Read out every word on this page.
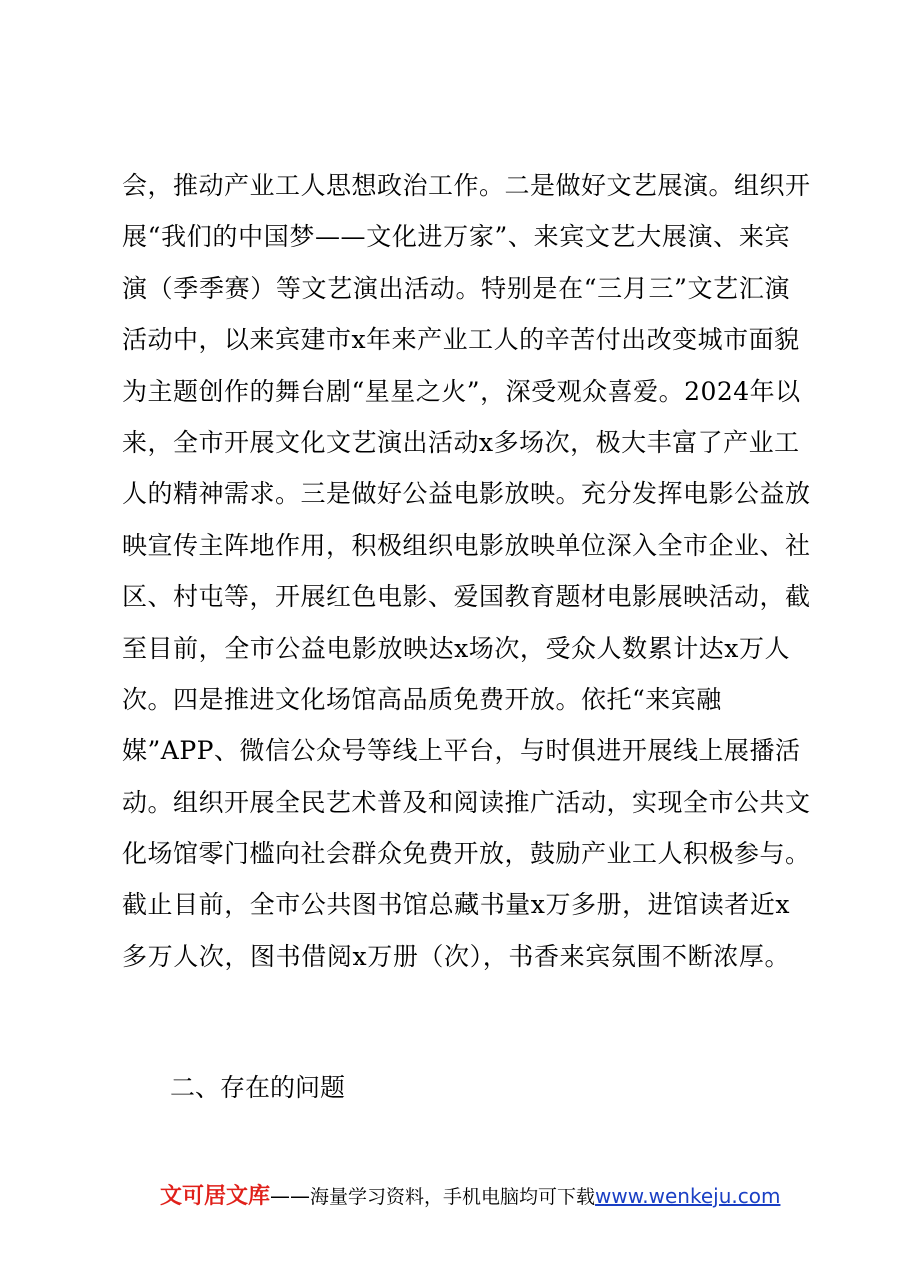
会，推动产业工人思想政治工作。二是做好文艺展演。组织开
展“我们的中国梦——文化进万家”、来宾文艺大展演、来宾
演（季季赛）等文艺演出活动。特别是在“三月三”文艺汇演
活动中，以来宾建市x年来产业工人的辛苦付出改变城市面貌
为主题创作的舞台剧“星星之火”，深受观众喜爱。2024年以
来，全市开展文化文艺演出活动x多场次，极大丰富了产业工
人的精神需求。三是做好公益电影放映。充分发挥电影公益放
映宣传主阵地作用，积极组织电影放映单位深入全市企业、社
区、村屯等，开展红色电影、爱国教育题材电影展映活动，截
至目前，全市公益电影放映达x场次，受众人数累计达x万人
次。四是推进文化场馆高品质免费开放。依托“来宾融
媒”APP、微信公众号等线上平台，与时俱进开展线上展播活
动。组织开展全民艺术普及和阅读推广活动，实现全市公共文
化场馆零门槛向社会群众免费开放，鼓励产业工人积极参与。
截止目前，全市公共图书馆总藏书量x万多册，进馆读者近x
多万人次，图书借阅x万册（次），书香来宾氛围不断浓厚。
二、存在的问题
文可居文库——海量学习资料，手机电脑均可下载www.wenkeju.com
